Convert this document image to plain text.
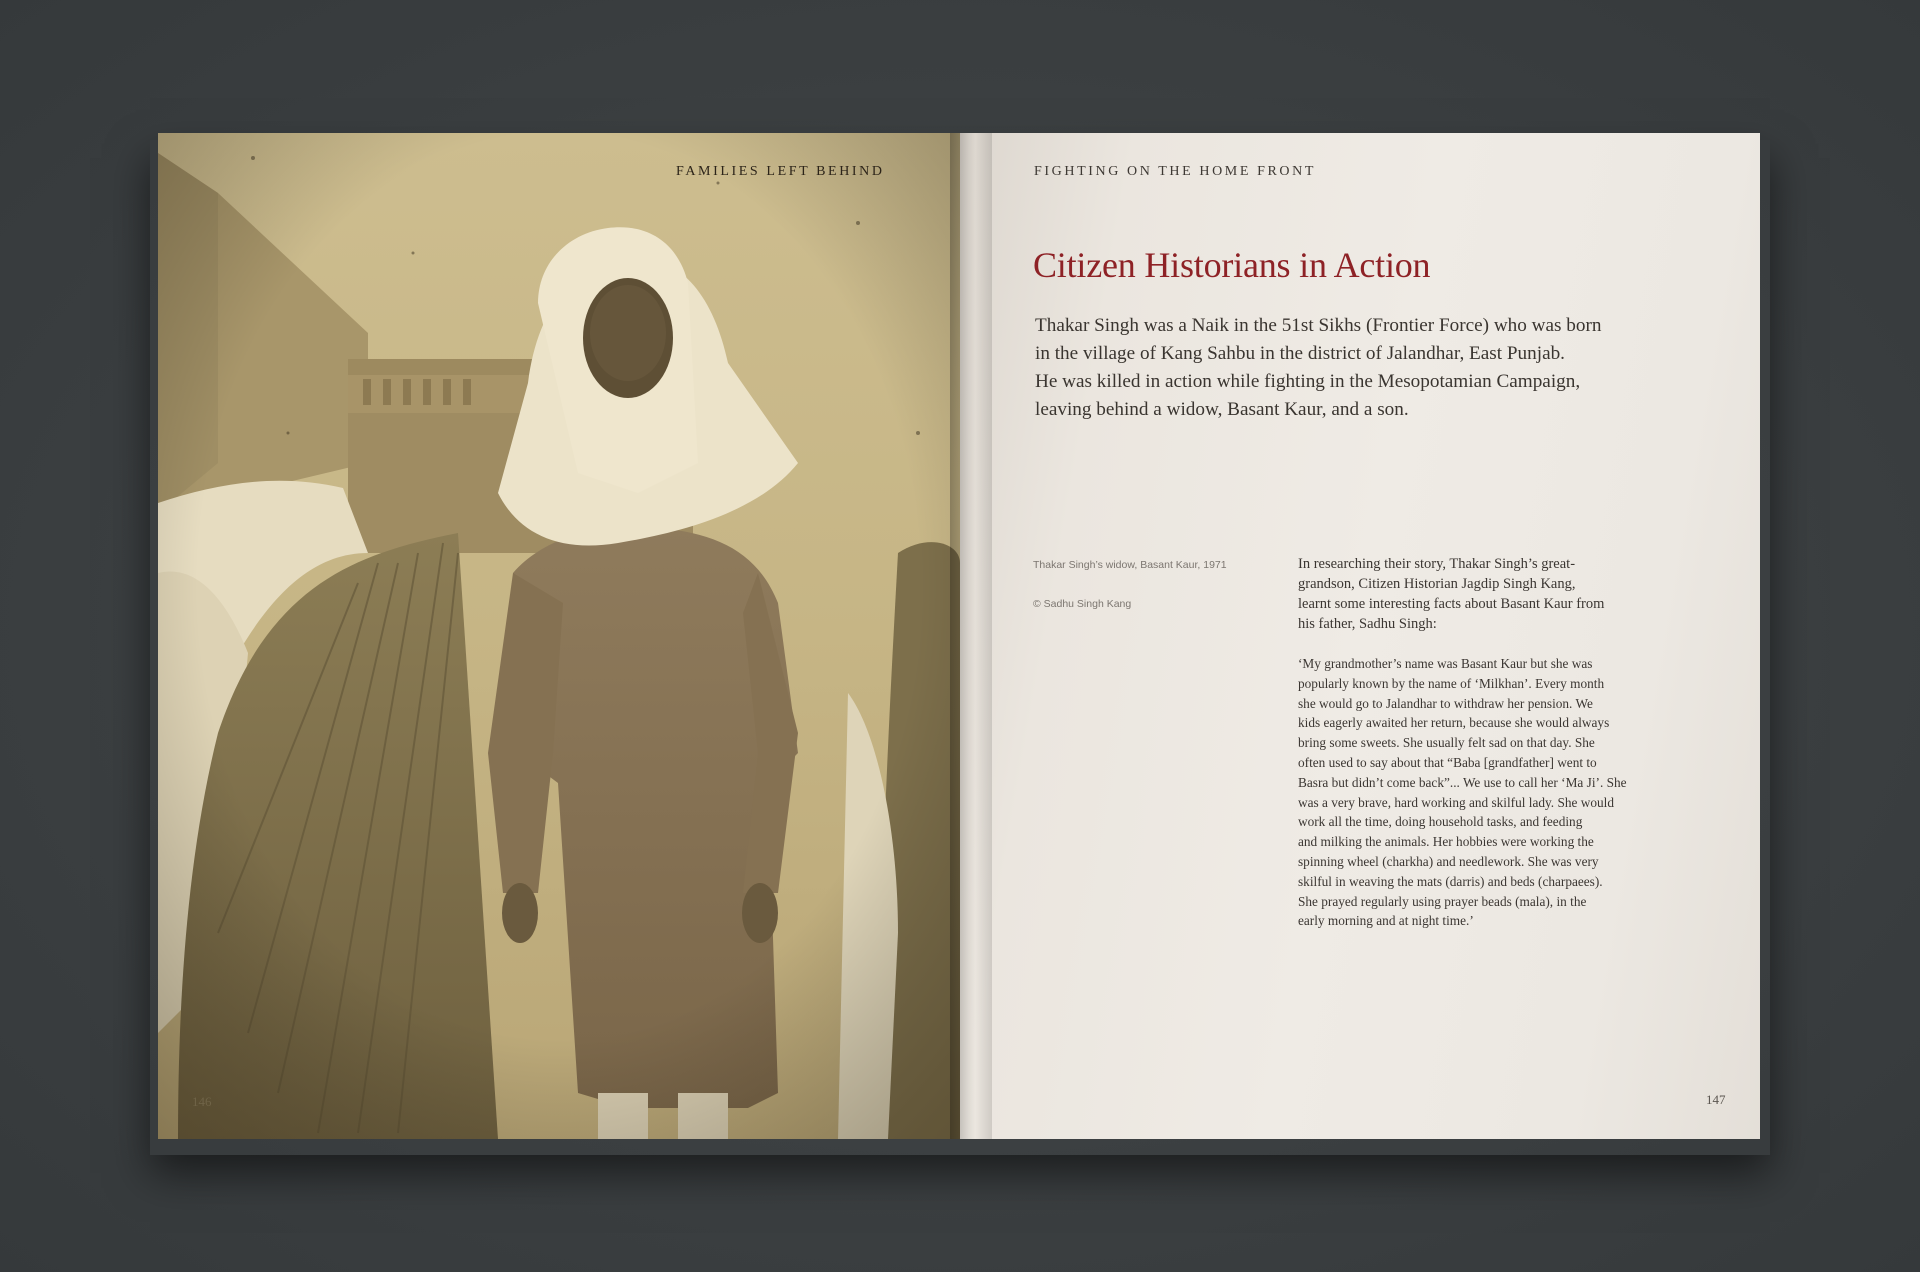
FAMILIES LEFT BEHIND
146
FIGHTING ON THE HOME FRONT
Citizen Historians in Action
Thakar Singh was a Naik in the 51st Sikhs (Frontier Force) who was born
in the village of Kang Sahbu in the district of Jalandhar, East Punjab.
He was killed in action while fighting in the Mesopotamian Campaign,
leaving behind a widow, Basant Kaur, and a son.
Thakar Singh’s widow, Basant Kaur, 1971
© Sadhu Singh Kang
In researching their story, Thakar Singh’s great-
grandson, Citizen Historian Jagdip Singh Kang,
learnt some interesting facts about Basant Kaur from
his father, Sadhu Singh:
‘My grandmother’s name was Basant Kaur but she was
popularly known by the name of ‘Milkhan’. Every month
she would go to Jalandhar to withdraw her pension. We
kids eagerly awaited her return, because she would always
bring some sweets. She usually felt sad on that day. She
often used to say about that “Baba [grandfather] went to
Basra but didn’t come back”... We use to call her ‘Ma Ji’. She
was a very brave, hard working and skilful lady. She would
work all the time, doing household tasks, and feeding
and milking the animals. Her hobbies were working the
spinning wheel (charkha) and needlework. She was very
skilful in weaving the mats (darris) and beds (charpaees).
She prayed regularly using prayer beads (mala), in the
early morning and at night time.’
147
